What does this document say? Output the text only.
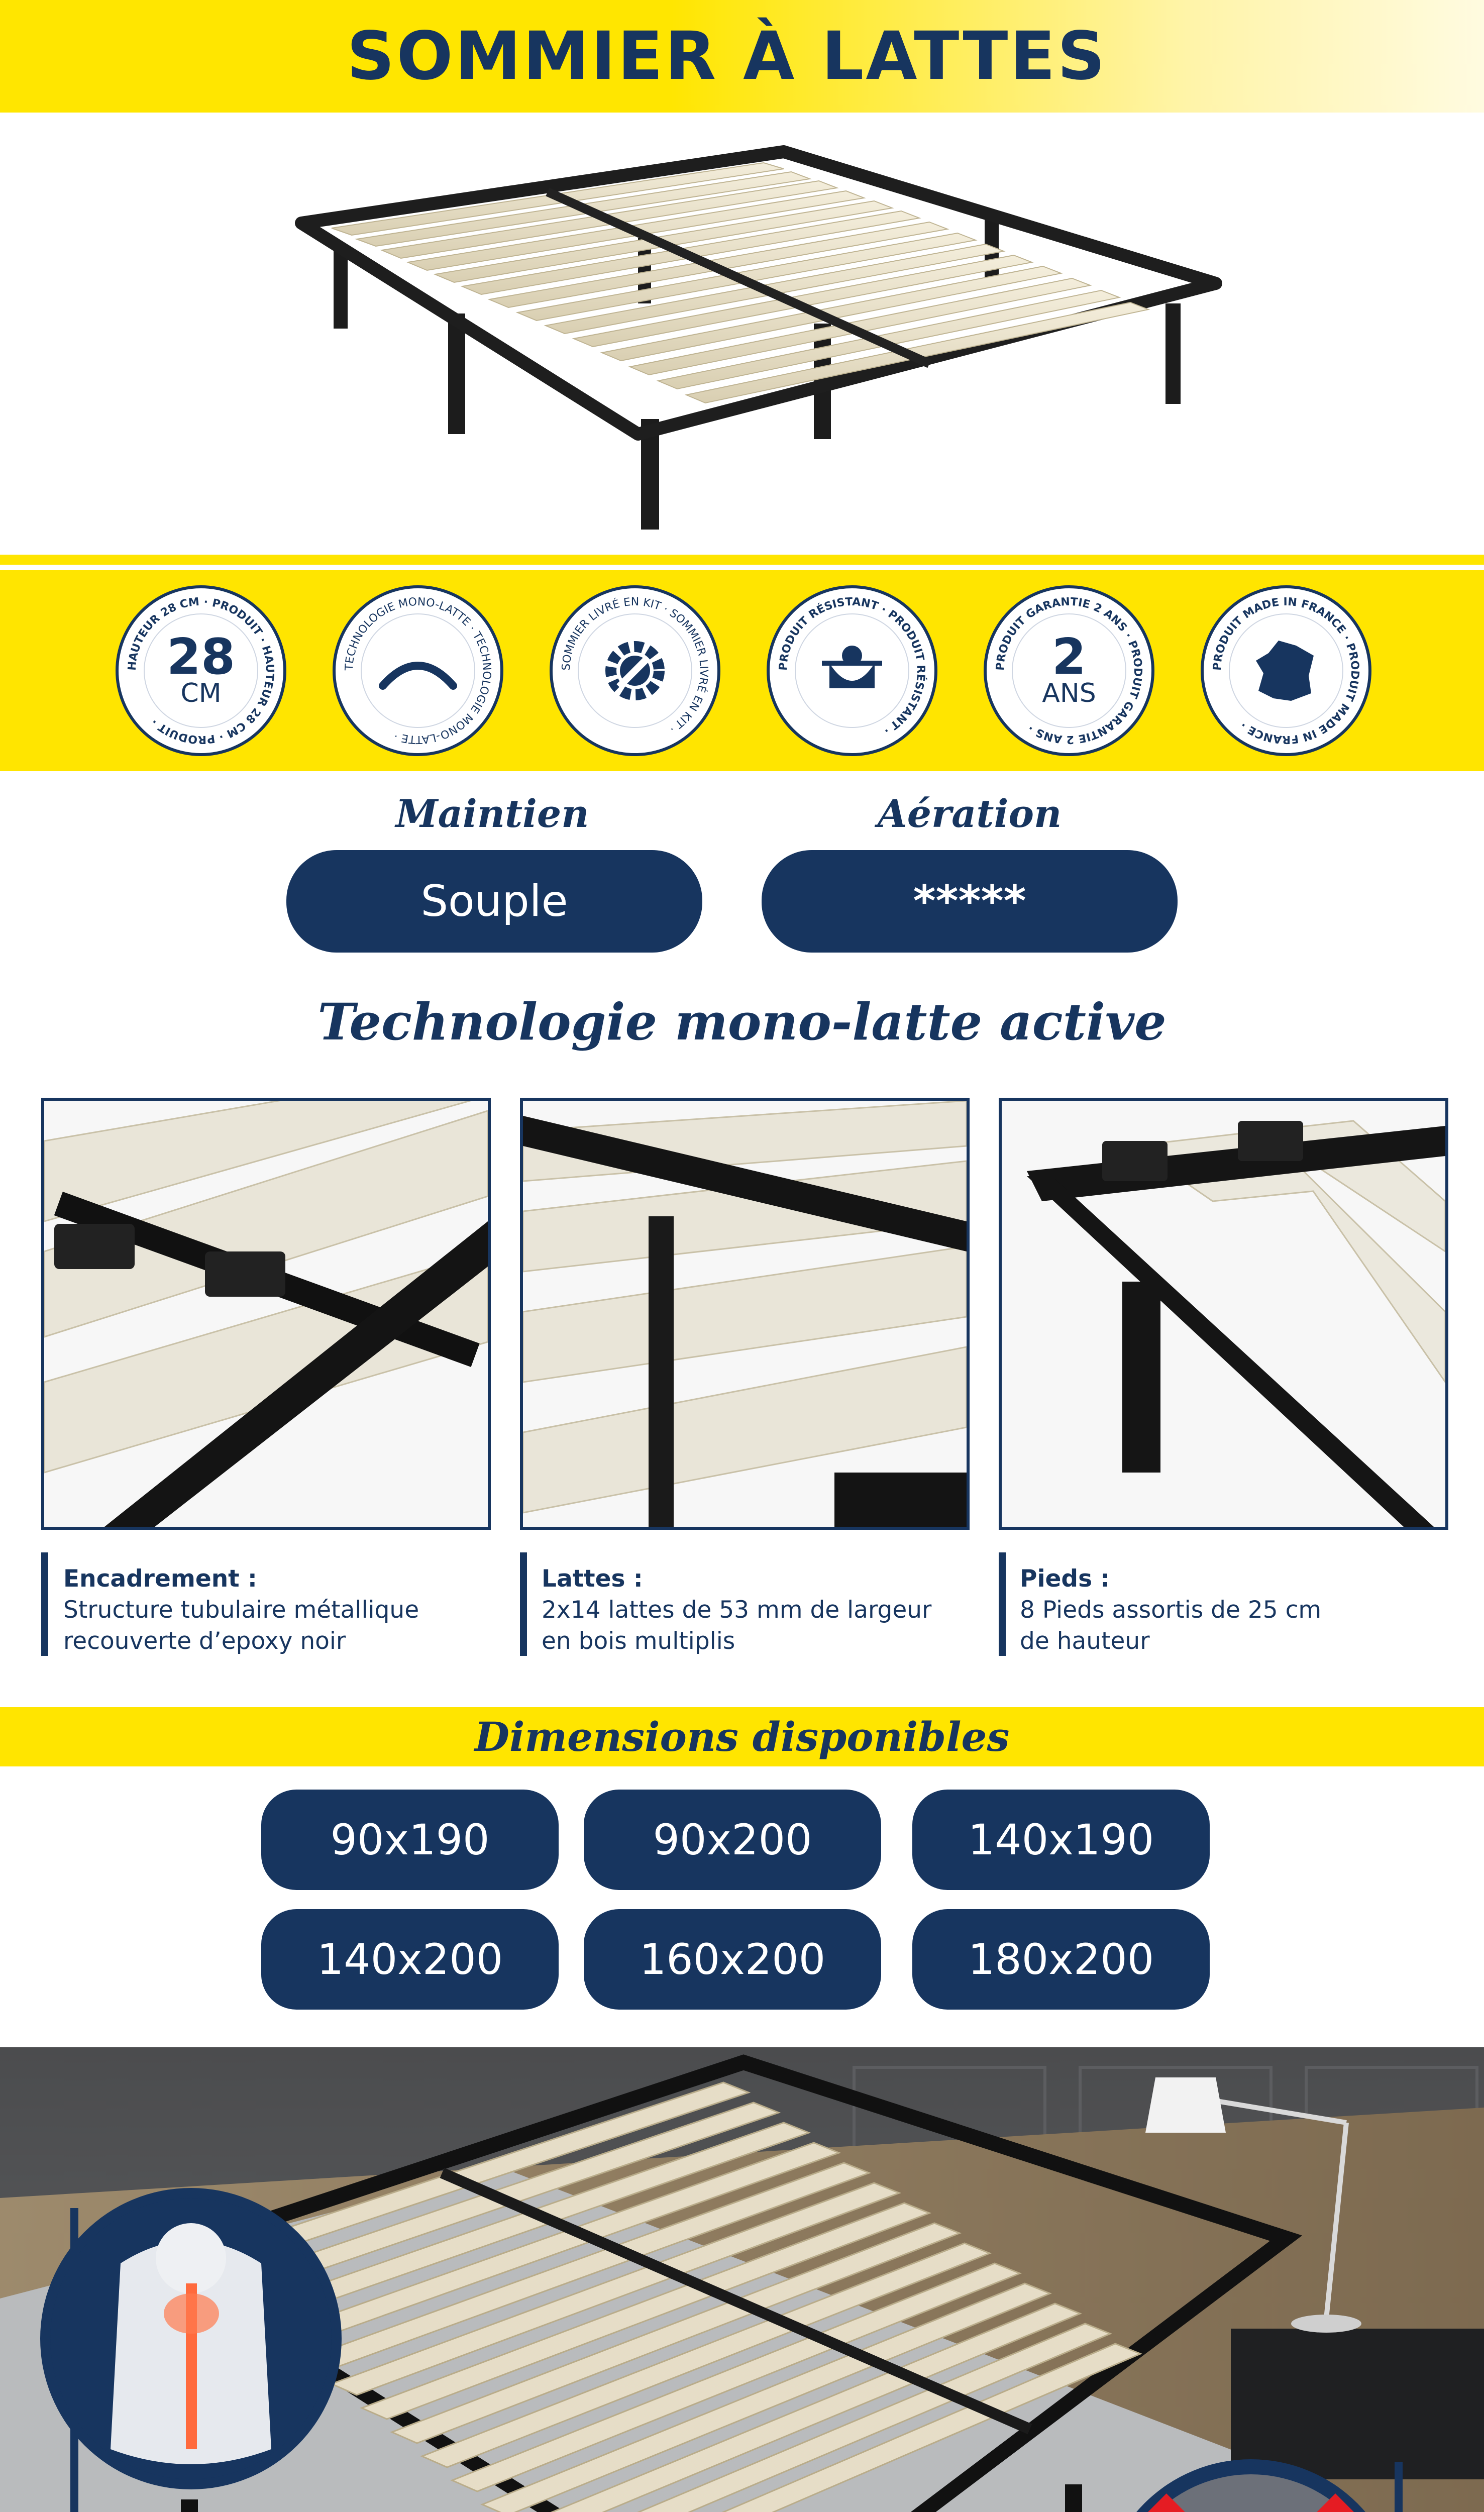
SOMMIER À LATTES
HAUTEUR 28 CM · PRODUIT · HAUTEUR 28 CM · PRODUIT ·
28
CM
TECHNOLOGIE MONO-LATTE · TECHNOLOGIE MONO-LATTE ·
SOMMIER LIVRÉ EN KIT · SOMMIER LIVRÉ EN KIT ·
PRODUIT RÉSISTANT · PRODUIT RÉSISTANT ·
PRODUIT GARANTIE 2 ANS · PRODUIT GARANTIE 2 ANS ·
2
ANS
PRODUIT MADE IN FRANCE · PRODUIT MADE IN FRANCE ·
Maintien
Souple
Aération
*****
Technologie mono-latte active
Encadrement :
Structure tubulaire métallique
recouverte d’epoxy noir
Lattes :
2x14 lattes de 53 mm de largeur
en bois multiplis
Pieds :
8 Pieds assortis de 25 cm
de hauteur
Dimensions disponibles
90x190	90x200	140x190
140x200	160x200	180x200
